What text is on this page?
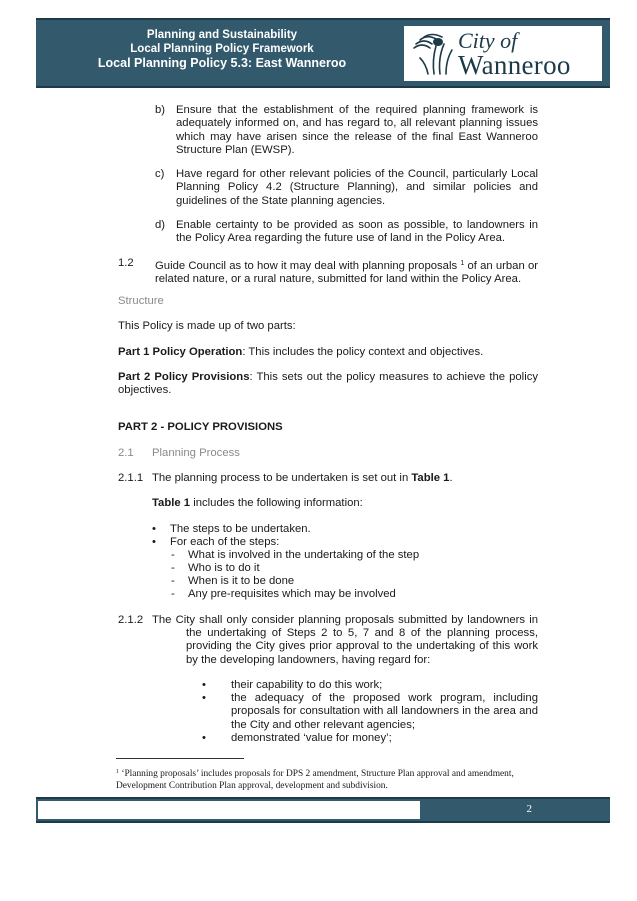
Planning and Sustainability
Local Planning Policy Framework
Local Planning Policy 5.3: East Wanneroo
City of
Wanneroo
b) Ensure that the establishment of the required planning framework is adequately informed on, and has regard to, all relevant planning issues which may have arisen since the release of the final East Wanneroo Structure Plan (EWSP).

c) Have regard for other relevant policies of the Council, particularly Local Planning Policy 4.2 (Structure Planning), and similar policies and guidelines of the State planning agencies.

d) Enable certainty to be provided as soon as possible, to landowners in the Policy Area regarding the future use of land in the Policy Area.

1.2 Guide Council as to how it may deal with planning proposals $^1$ of an urban or related nature, or a rural nature, submitted for land within the Policy Area.

Structure
This Policy is made up of two parts:

Part 1 Policy Operation: This includes the policy context and objectives.

Part 2 Policy Provisions: This sets out the policy measures to achieve the policy objectives.

PART 2 - POLICY PROVISIONS
2.1 Planning Process
2.1.1 The planning process to be undertaken is set out in Table 1.
Table 1 includes the following information:
• The steps to be undertaken.
• For each of the steps:
- What is involved in the undertaking of the step
- Who is to do it
- When is it to be done
- Any pre-requisites which may be involved
2.1.2 The City shall only consider planning proposals submitted by landowners in

the undertaking of Steps 2 to 5, 7 and 8 of the planning process, providing the City gives prior approval to the undertaking of this work by the developing landowners, having regard for:

• their capability to do this work;
• the adequacy of the proposed work program, including proposals for consultation with all landowners in the area and the City and other relevant agencies;

• demonstrated ‘value for money’;
$^1$ ‘Planning proposals’ includes proposals for DPS 2 amendment, Structure Plan approval and amendment, Development Contribution Plan approval, development and subdivision.
2
